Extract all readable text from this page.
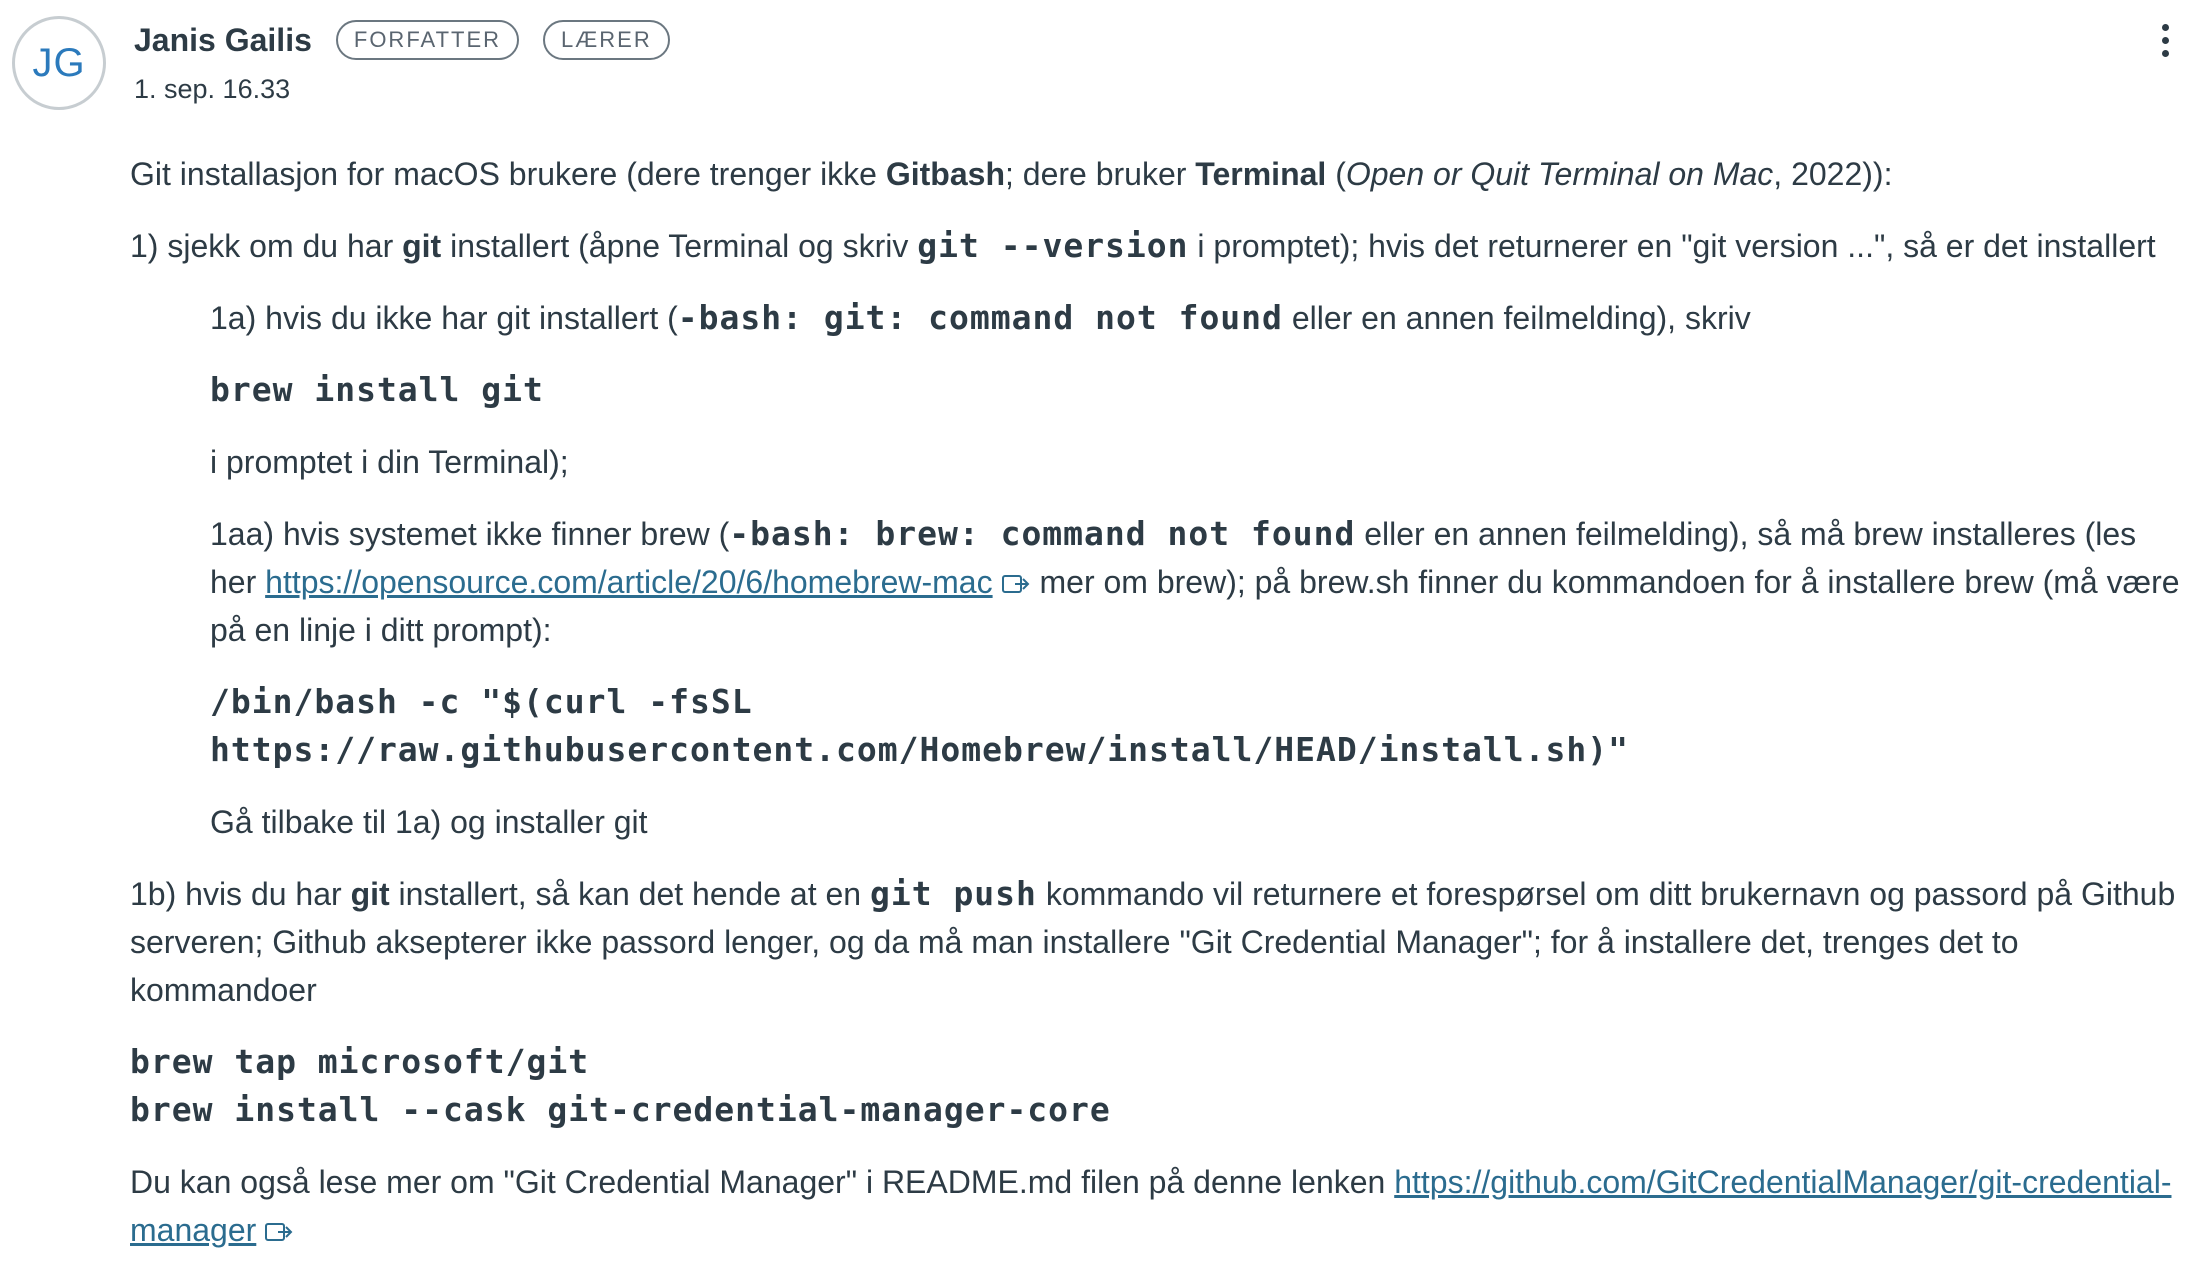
JG
Janis Gailis	FORFATTER	LÆRER
1. sep. 16.33

Git installasjon for macOS brukere (dere trenger ikke Gitbash; dere bruker Terminal (Open or Quit Terminal on Mac, 2022)):

1) sjekk om du har git installert (åpne Terminal og skriv git --version i promptet); hvis det returnerer en "git version ...", så er det installert

1a) hvis du ikke har git installert (-bash: git: command not found eller en annen feilmelding), skriv

brew install git

i promptet i din Terminal);

1aa) hvis systemet ikke finner brew (-bash: brew: command not found eller en annen feilmelding), så må brew installeres (les her https://opensource.com/article/20/6/homebrew-mac mer om brew); på brew.sh finner du kommandoen for å installere brew (må være på en linje i ditt prompt):

/bin/bash -c "$(curl -fsSL
https://raw.githubusercontent.com/Homebrew/install/HEAD/install.sh)"

Gå tilbake til 1a) og installer git

1b) hvis du har git installert, så kan det hende at en git push kommando vil returnere et forespørsel om ditt brukernavn og passord på Github serveren; Github aksepterer ikke passord lenger, og da må man installere "Git Credential Manager"; for å installere det, trenges det to kommandoer

brew tap microsoft/git
brew install --cask git-credential-manager-core

Du kan også lese mer om "Git Credential Manager" i README.md filen på denne lenken https://github.com/GitCredentialManager/git-credential-manager
